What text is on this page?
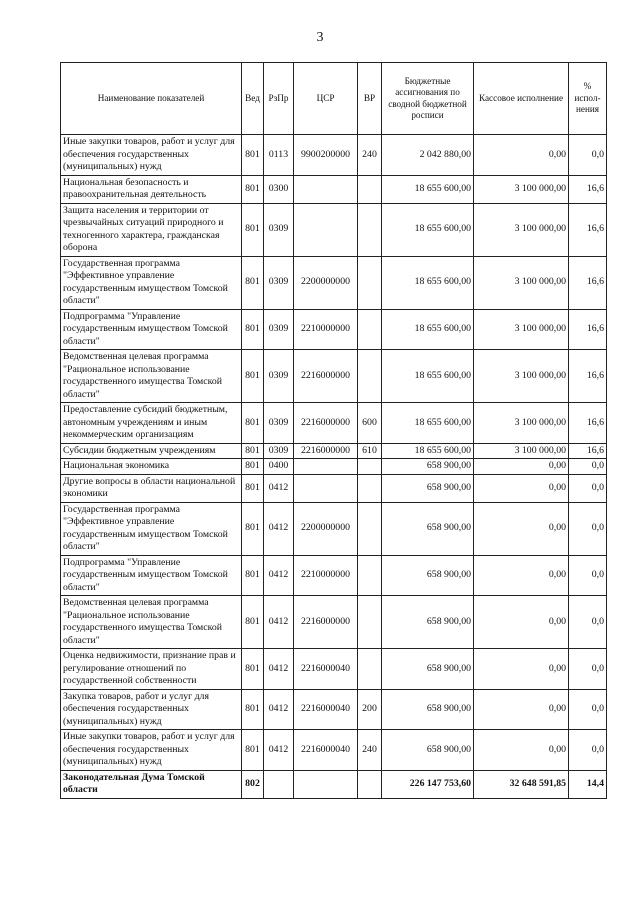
3
Наименование показателей	Вед	РзПр	ЦСР	ВР	Бюджетные ассигнования по сводной бюджетной росписи	Кассовое исполнение	% испол-нения
Иные закупки товаров, работ и услуг для обеспечения государственных (муниципальных) нужд	801	0113	9900200000	240	2 042 880,00	0,00	0,0
Национальная безопасность и правоохранительная деятельность	801	0300			18 655 600,00	3 100 000,00	16,6
Защита населения и территории от чрезвычайных ситуаций природного и техногенного характера, гражданская оборона	801	0309			18 655 600,00	3 100 000,00	16,6
Государственная программа "Эффективное управление государственным имуществом Томской области"	801	0309	2200000000		18 655 600,00	3 100 000,00	16,6
Подпрограмма "Управление государственным имуществом Томской области"	801	0309	2210000000		18 655 600,00	3 100 000,00	16,6
Ведомственная целевая программа "Рациональное использование государственного имущества Томской области"	801	0309	2216000000		18 655 600,00	3 100 000,00	16,6
Предоставление субсидий бюджетным, автономным учреждениям и иным некоммерческим организациям	801	0309	2216000000	600	18 655 600,00	3 100 000,00	16,6
Субсидии бюджетным учреждениям	801	0309	2216000000	610	18 655 600,00	3 100 000,00	16,6
Национальная экономика	801	0400			658 900,00	0,00	0,0
Другие вопросы в области национальной экономики	801	0412			658 900,00	0,00	0,0
Государственная программа "Эффективное управление государственным имуществом Томской области"	801	0412	2200000000		658 900,00	0,00	0,0
Подпрограмма "Управление государственным имуществом Томской области"	801	0412	2210000000		658 900,00	0,00	0,0
Ведомственная целевая программа "Рациональное использование государственного имущества Томской области"	801	0412	2216000000		658 900,00	0,00	0,0
Оценка недвижимости, признание прав и регулирование отношений по государственной собственности	801	0412	2216000040		658 900,00	0,00	0,0
Закупка товаров, работ и услуг для обеспечения государственных (муниципальных) нужд	801	0412	2216000040	200	658 900,00	0,00	0,0
Иные закупки товаров, работ и услуг для обеспечения государственных (муниципальных) нужд	801	0412	2216000040	240	658 900,00	0,00	0,0
Законодательная Дума Томской области	802				226 147 753,60	32 648 591,85	14,4
